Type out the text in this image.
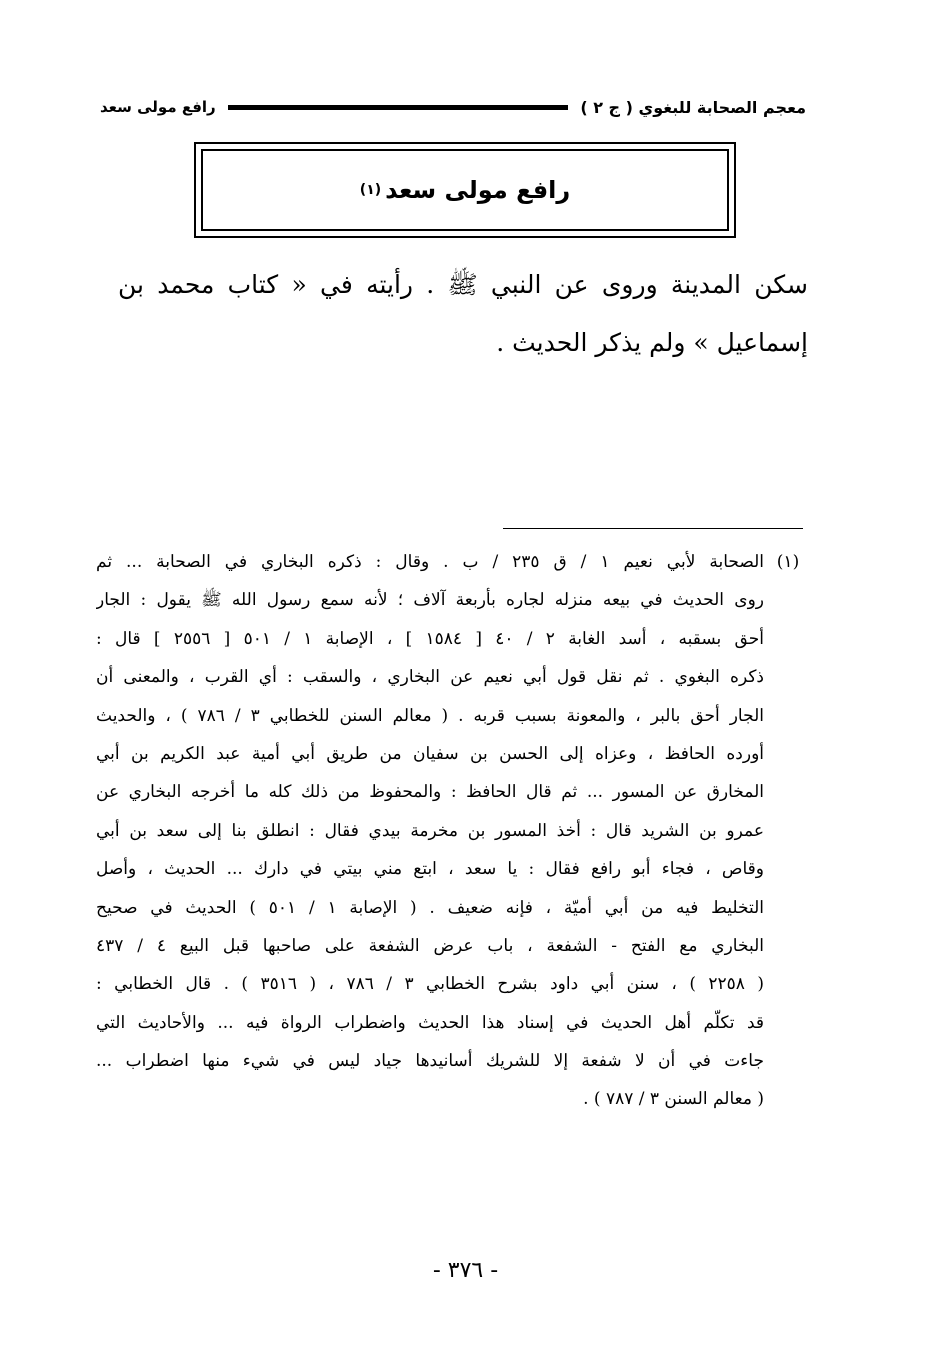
معجم الصحابة للبغوي ( ج ٢ )
رافع مولى سعد
رافع مولى سعد
(١)

سكن المدينة وروى عن النبي ﷺ . رأيته في « كتاب محمد بن إسماعيل » ولم يذكر الحديث .

(١)
الصحابة لأبي نعيم ١ / ق ٢٣٥ / ب . وقال : ذكره البخاري في الصحابة ... ثم
روى الحديث في بيعه منزله لجاره بأربعة آلاف ؛ لأنه سمع رسول الله ﷺ يقول : الجار
أحق بسقبه ، أسد الغابة ٢ / ٤٠ [ ١٥٨٤ ] ، الإصابة ١ / ٥٠١ [ ٢٥٥٦ ] قال :
ذكره البغوي . ثم نقل قول أبي نعيم عن البخاري ، والسقب : أي القرب ، والمعنى أن
الجار أحق بالبر ، والمعونة بسبب قربه . ( معالم السنن للخطابي ٣ / ٧٨٦ ) ، والحديث
أورده الحافظ ، وعزاه إلى الحسن بن سفيان من طريق أبي أمية عبد الكريم بن أبي
المخارق عن المسور ... ثم قال الحافظ : والمحفوظ من ذلك كله ما أخرجه البخاري عن
عمرو بن الشريد قال : أخذ المسور بن مخرمة بيدي فقال : انطلق بنا إلى سعد بن أبي
وقاص ، فجاء أبو رافع فقال : يا سعد ، ابتع مني بيتي في دارك ... الحديث ، وأصل
التخليط فيه من أبي أميّة ، فإنه ضعيف . ( الإصابة ١ / ٥٠١ ) الحديث في صحيح
البخاري مع الفتح - الشفعة ، باب عرض الشفعة على صاحبها قبل البيع ٤ / ٤٣٧
( ٢٢٥٨ ) ، سنن أبي داود بشرح الخطابي ٣ / ٧٨٦ ، ( ٣٥١٦ ) . قال الخطابي :
قد تكلّم أهل الحديث في إسناد هذا الحديث واضطراب الرواة فيه ... والأحاديث التي
جاءت في أن لا شفعة إلا للشريك أسانيدها جياد ليس في شيء منها اضطراب ...
( معالم السنن ٣ / ٧٨٧ ) .
- ٣٧٦ -
